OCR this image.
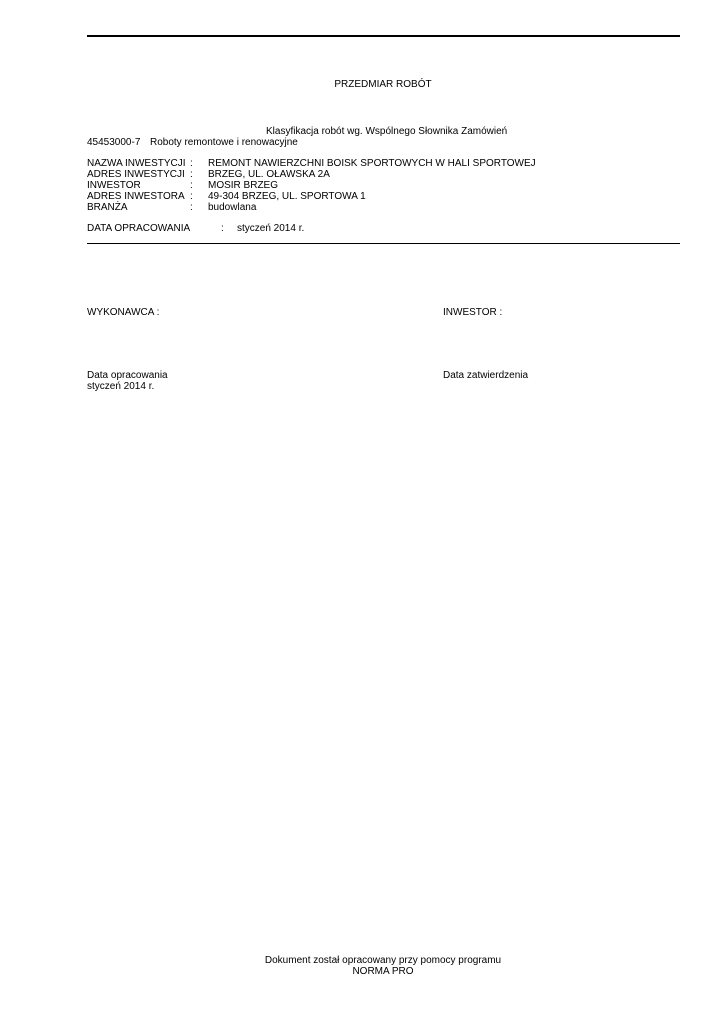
PRZEDMIAR ROBÓT
Klasyfikacja robót wg. Wspólnego Słownika Zamówień
45453000-7 Roboty remontowe i renowacyjne
NAZWA INWESTYCJI : REMONT NAWIERZCHNI BOISK SPORTOWYCH W HALI SPORTOWEJ
ADRES INWESTYCJI : BRZEG, UL. OŁAWSKA 2A
INWESTOR	: MOSIR BRZEG
ADRES INWESTORA : 49-304 BRZEG, UL. SPORTOWA 1
BRANŻA	: budowlana
DATA OPRACOWANIA	: styczeń 2014 r.
WYKONAWCA :	INWESTOR :
Data opracowania
styczeń 2014 r.
Data zatwierdzenia
Dokument został opracowany przy pomocy programu
NORMA PRO
